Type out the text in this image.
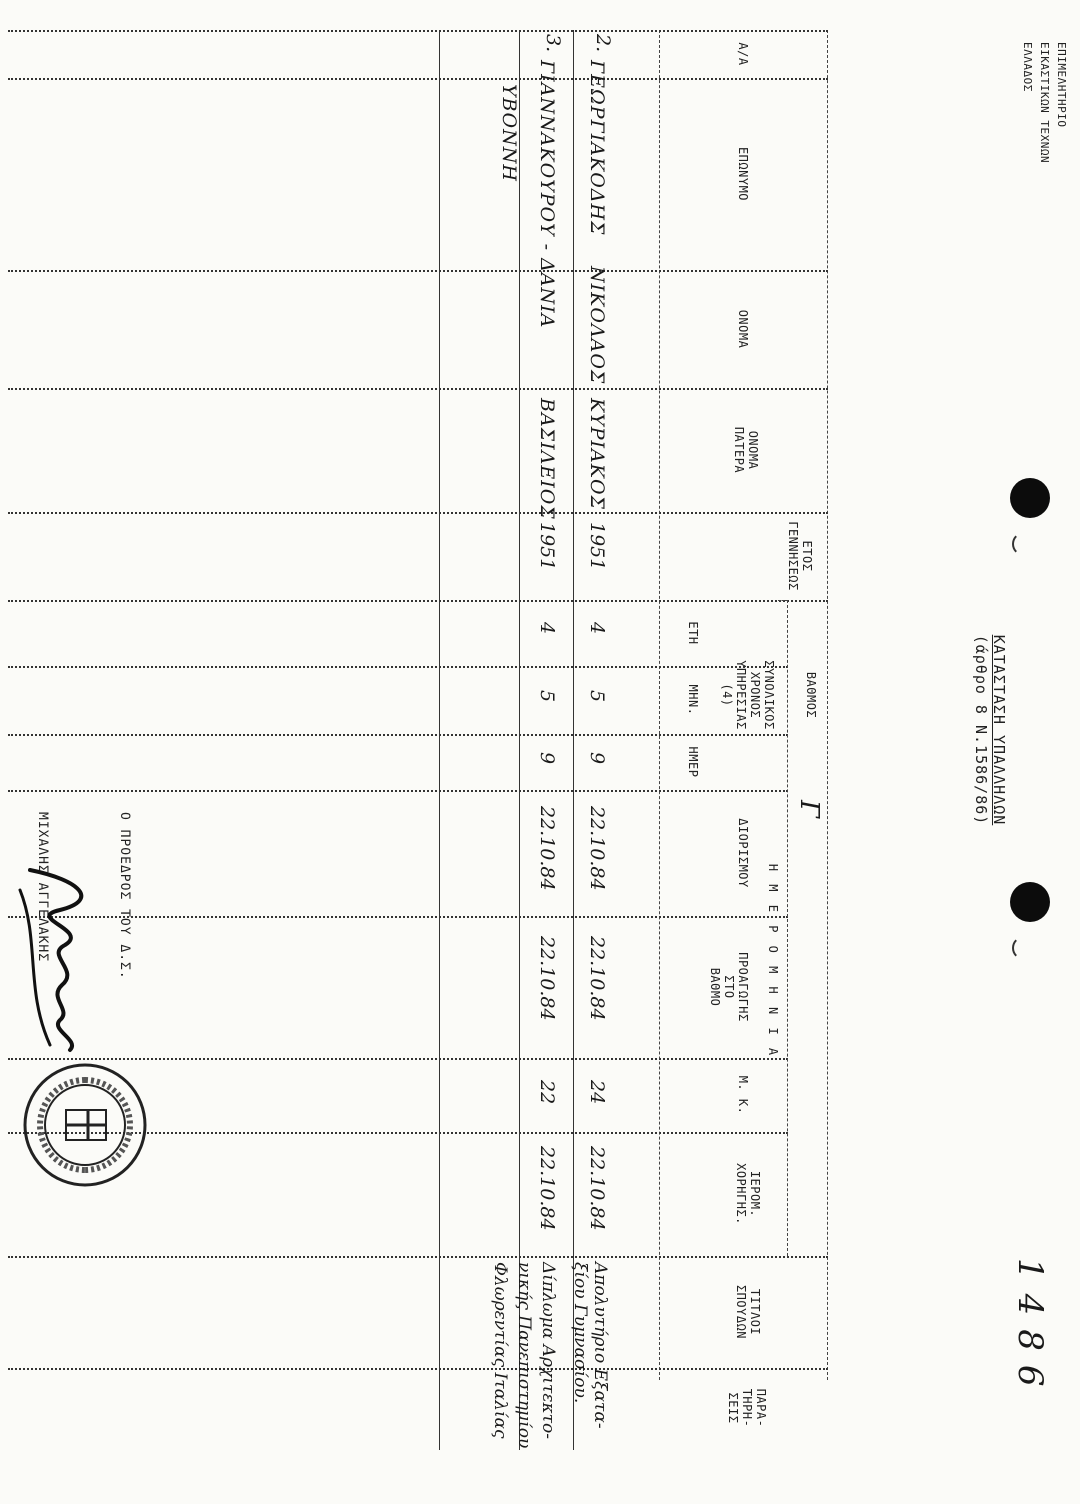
ΕΠΙΜΕΛΗΤΗΡΙΟ
ΕΙΚΑΣΤΙΚΩΝ ΤΕΧΝΩΝ
ΕΛΛΑΔΟΣ
ΚΑΤΑΣΤΑΣΗ ΥΠΑΛΛΗΛΩΝ
(άρθρο 8 Ν.1586/86)
1486
Α/Α
ΕΠΩΝΥΜΟ
ΟΝΟΜΑ
ΟΝΟΜΑ
ΠΑΤΕΡΑ
ΕΤΟΣ
ΓΕΝΝΗΣΕΩΣ
ΒΑΘΜΟΣ
Γ
ΣΥΝΟΛΙΚΟΣ
ΧΡΟΝΟΣ
ΥΠΗΡΕΣΙΑΣ
(4)
ΕΤΗ
ΜΗΝ.
ΗΜΕΡ
Η Μ Ε Ρ Ο Μ Η Ν Ι Α
ΔΙΟΡΙΣΜΟΥ
ΠΡΟΑΓΩΓΗΣ
ΣΤΟ
ΒΑΘΜΟ
Μ. Κ.
ΙΕΡΟΜ.
ΧΟΡΗΓΗΣ.
ΤΙΤΛΟΙ
ΣΠΟΥΔΩΝ
ΠΑΡΑ-
ΤΗΡΗ-
ΣΕΙΣ
2.
ΓΕΩΡΓΙΑΚΟΔΗΣ
ΝΙΚΟΛΑΟΣ
ΚΥΡΙΑΚΟΣ
1951
4
5
9
22.10.84
22.10.84
24
22.10.84
Απολυτήριο Εξατα-
ξίου Γυμνασίου.
3.
ΓΙΑΝΝΑΚΟΥΡΟΥ - ΔΑΝΙΑ
ΥΒΟΝΝΗ
ΒΑΣΙΛΕΙΟΣ
1951
4
5
9
22.10.84
22.10.84
22
22.10.84
Δίπλωμα Αρχιτεκτο-
νικής Πανεπιστημίου
Φλωρεντίας Ιταλίας
Ο ΠΡΟΕΔΡΟΣ ΤΟΥ Δ.Σ.
ΜΙΧΑΛΗΣ ΑΓΓΕΛΑΚΗΣ
